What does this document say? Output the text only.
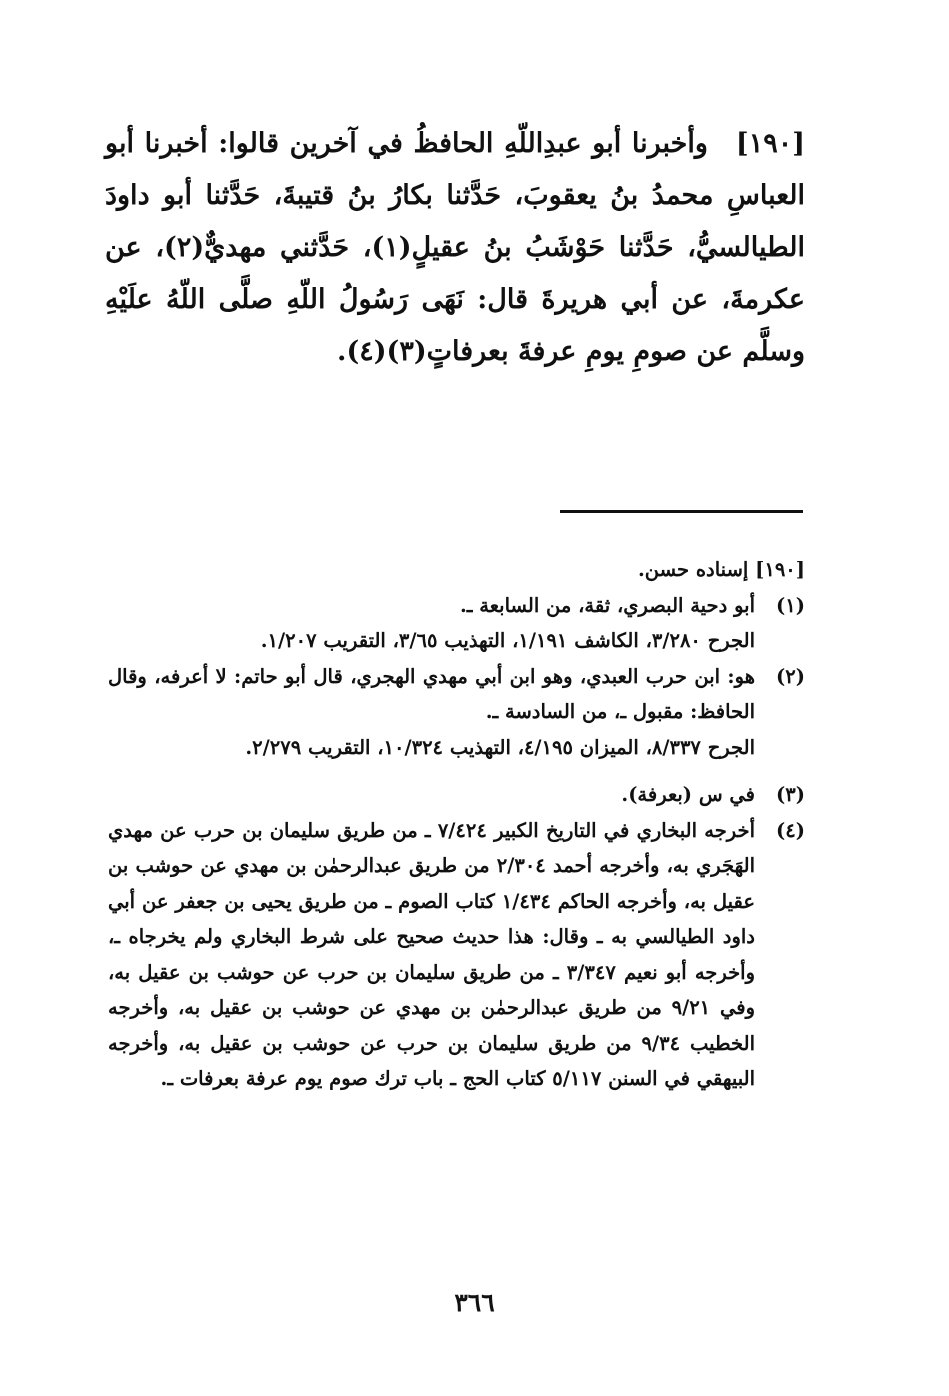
[١٩٠]وأخبرنا أبو عبدِاللّهِ الحافظُ في آخرين قالوا: أخبرنا أبو العباسِ محمدُ بنُ يعقوبَ، حَدَّثنا بكارُ بنُ قتيبةَ، حَدَّثنا أبو داودَ الطيالسيُّ، حَدَّثنا حَوْشَبُ بنُ عقيلٍ(١)، حَدَّثني مهديٌّ(٢)، عن عكرمةَ، عن أبي هريرةَ قال: نَهَى رَسُولُ اللّهِ صلَّى اللّهُ علَيْهِ وسلَّم عن صومِ يومِ عرفةَ بعرفاتٍ(٣)(٤).
[١٩٠] إسناده حسن.
(١)

أبو دحية البصري، ثقة، من السابعة ـ.

الجرح ٣/٢٨٠، الكاشف ١/١٩١، التهذيب ٣/٦٥، التقريب ١/٢٠٧.

(٢)

هو: ابن حرب العبدي، وهو ابن أبي مهدي الهجري، قال أبو حاتم: لا أعرفه، وقال الحافظ: مقبول ـ، من السادسة ـ.

الجرح ٨/٣٣٧، الميزان ٤/١٩٥، التهذيب ١٠/٣٢٤، التقريب ٢/٢٧٩.

(٣)

في س (بعرفة).

(٤)

أخرجه البخاري في التاريخ الكبير ٧/٤٢٤ ـ من طريق سليمان بن حرب عن مهدي الهَجَري به، وأخرجه أحمد ٢/٣٠٤ من طريق عبدالرحمٰن بن مهدي عن حوشب بن عقيل به، وأخرجه الحاكم ١/٤٣٤ كتاب الصوم ـ من طريق يحيى بن جعفر عن أبي داود الطيالسي به ـ وقال: هذا حديث صحيح على شرط البخاري ولم يخرجاه ـ، وأخرجه أبو نعيم ٣/٣٤٧ ـ من طريق سليمان بن حرب عن حوشب بن عقيل به، وفي ٩/٢١ من طريق عبدالرحمٰن بن مهدي عن حوشب بن عقيل به، وأخرجه الخطيب ٩/٣٤ من طريق سليمان بن حرب عن حوشب بن عقيل به، وأخرجه البيهقي في السنن ٥/١١٧ كتاب الحج ـ باب ترك صوم يوم عرفة بعرفات ـ.

٣٦٦
